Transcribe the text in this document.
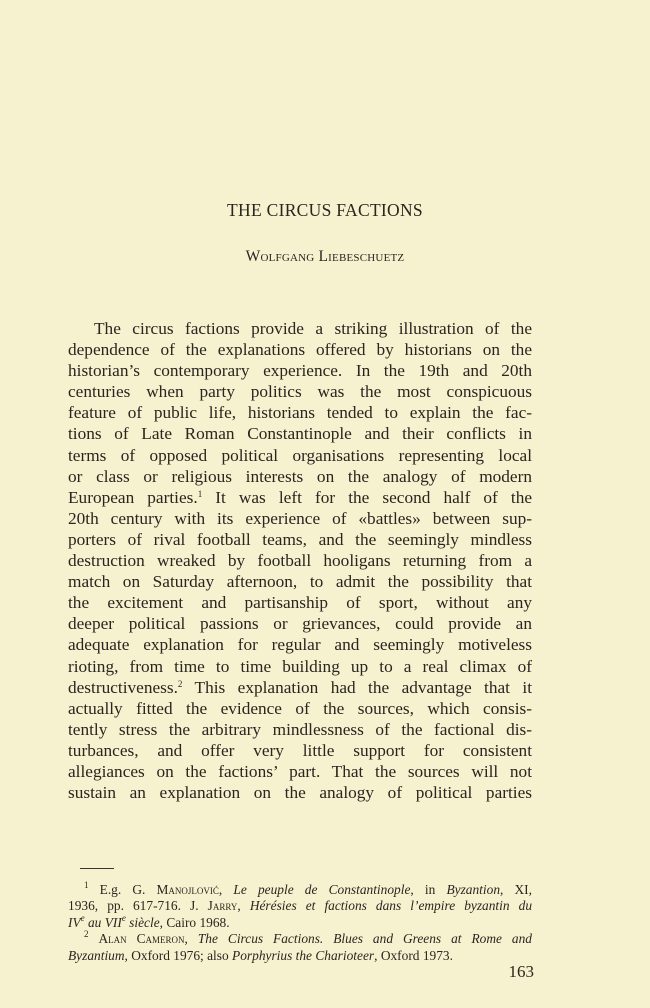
THE CIRCUS FACTIONS
Wolfgang Liebeschuetz
The circus factions provide a striking illustration of the
dependence of the explanations offered by historians on the
historian’s contemporary experience. In the 19th and 20th
centuries when party politics was the most conspicuous
feature of public life, historians tended to explain the fac-
tions of Late Roman Constantinople and their conflicts in
terms of opposed political organisations representing local
or class or religious interests on the analogy of modern
European parties.$^1$ It was left for the second half of the
20th century with its experience of «battles» between sup-
porters of rival football teams, and the seemingly mindless
destruction wreaked by football hooligans returning from a
match on Saturday afternoon, to admit the possibility that
the excitement and partisanship of sport, without any
deeper political passions or grievances, could provide an
adequate explanation for regular and seemingly motiveless
rioting, from time to time building up to a real climax of
destructiveness.$^2$ This explanation had the advantage that it
actually fitted the evidence of the sources, which consis-
tently stress the arbitrary mindlessness of the factional dis-
turbances, and offer very little support for consistent
allegiances on the factions’ part. That the sources will not
sustain an explanation on the analogy of political parties
$^1$ E.g. G. Manojlović, Le peuple de Constantinople, in Byzantion, XI,
1936, pp. 617-716. J. Jarry, Hérésies et factions dans l’empire byzantin du
IVe au VIIe siècle, Cairo 1968.
$^2$ Alan Cameron, The Circus Factions. Blues and Greens at Rome and
Byzantium, Oxford 1976; also Porphyrius the Charioteer, Oxford 1973.
163
